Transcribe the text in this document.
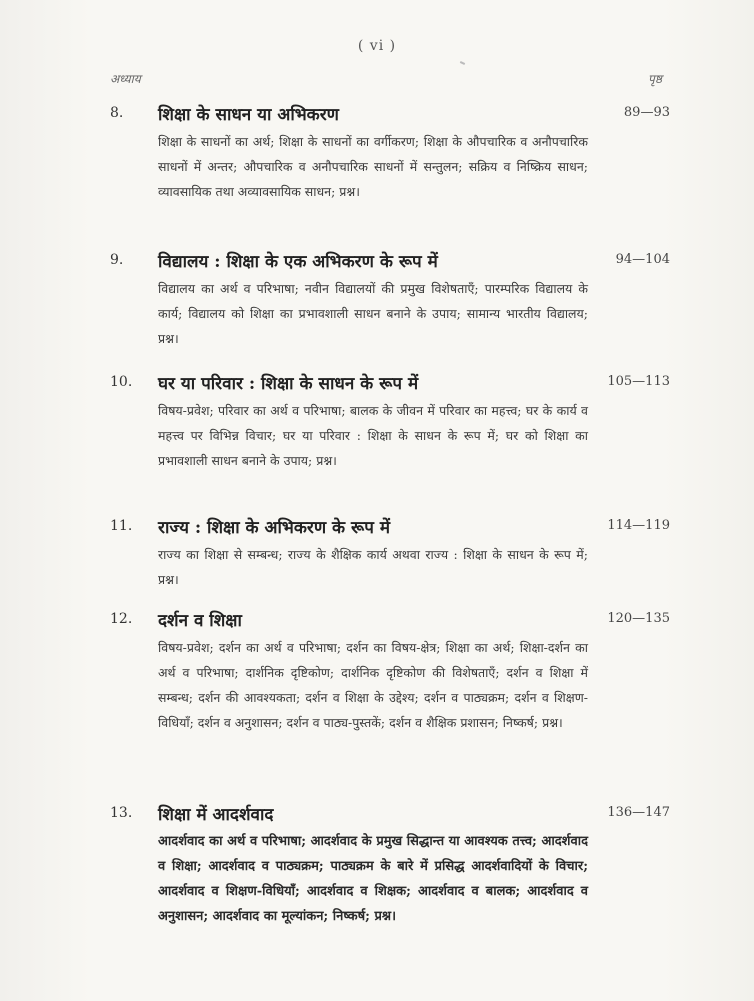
( vi )
अध्याय	पृष्ठ
8. शिक्षा के साधन या अभिकरण	89—93
शिक्षा के साधनों का अर्थ; शिक्षा के साधनों का वर्गीकरण; शिक्षा के औपचारिक व अनौपचारिक साधनों में अन्तर; औपचारिक व अनौपचारिक साधनों में सन्तुलन; सक्रिय व निष्क्रिय साधन; व्यावसायिक तथा अव्यावसायिक साधन; प्रश्न।
9. विद्यालय : शिक्षा के एक अभिकरण के रूप में	94—104
विद्यालय का अर्थ व परिभाषा; नवीन विद्यालयों की प्रमुख विशेषताएँ; पारम्परिक विद्यालय के कार्य; विद्यालय को शिक्षा का प्रभावशाली साधन बनाने के उपाय; सामान्य भारतीय विद्यालय; प्रश्न।
10. घर या परिवार : शिक्षा के साधन के रूप में	105—113
विषय-प्रवेश; परिवार का अर्थ व परिभाषा; बालक के जीवन में परिवार का महत्त्व; घर के कार्य व महत्त्व पर विभिन्न विचार; घर या परिवार : शिक्षा के साधन के रूप में; घर को शिक्षा का प्रभावशाली साधन बनाने के उपाय; प्रश्न।
11. राज्य : शिक्षा के अभिकरण के रूप में	114—119
राज्य का शिक्षा से सम्बन्ध; राज्य के शैक्षिक कार्य अथवा राज्य : शिक्षा के साधन के रूप में; प्रश्न।
12. दर्शन व शिक्षा	120—135
विषय-प्रवेश; दर्शन का अर्थ व परिभाषा; दर्शन का विषय-क्षेत्र; शिक्षा का अर्थ; शिक्षा-दर्शन का अर्थ व परिभाषा; दार्शनिक दृष्टिकोण; दार्शनिक दृष्टिकोण की विशेषताएँ; दर्शन व शिक्षा में सम्बन्ध; दर्शन की आवश्यकता; दर्शन व शिक्षा के उद्देश्य; दर्शन व पाठ्यक्रम; दर्शन व शिक्षण-विधियाँ; दर्शन व अनुशासन; दर्शन व पाठ्य-पुस्तकें; दर्शन व शैक्षिक प्रशासन; निष्कर्ष; प्रश्न।
13. शिक्षा में आदर्शवाद	136—147
आदर्शवाद का अर्थ व परिभाषा; आदर्शवाद के प्रमुख सिद्धान्त या आवश्यक तत्त्व; आदर्शवाद व शिक्षा; आदर्शवाद व पाठ्यक्रम; पाठ्यक्रम के बारे में प्रसिद्ध आदर्शवादियों के विचार; आदर्शवाद व शिक्षण-विधियाँ; आदर्शवाद व शिक्षक; आदर्शवाद व बालक; आदर्शवाद व अनुशासन; आदर्शवाद का मूल्यांकन; निष्कर्ष; प्रश्न।
